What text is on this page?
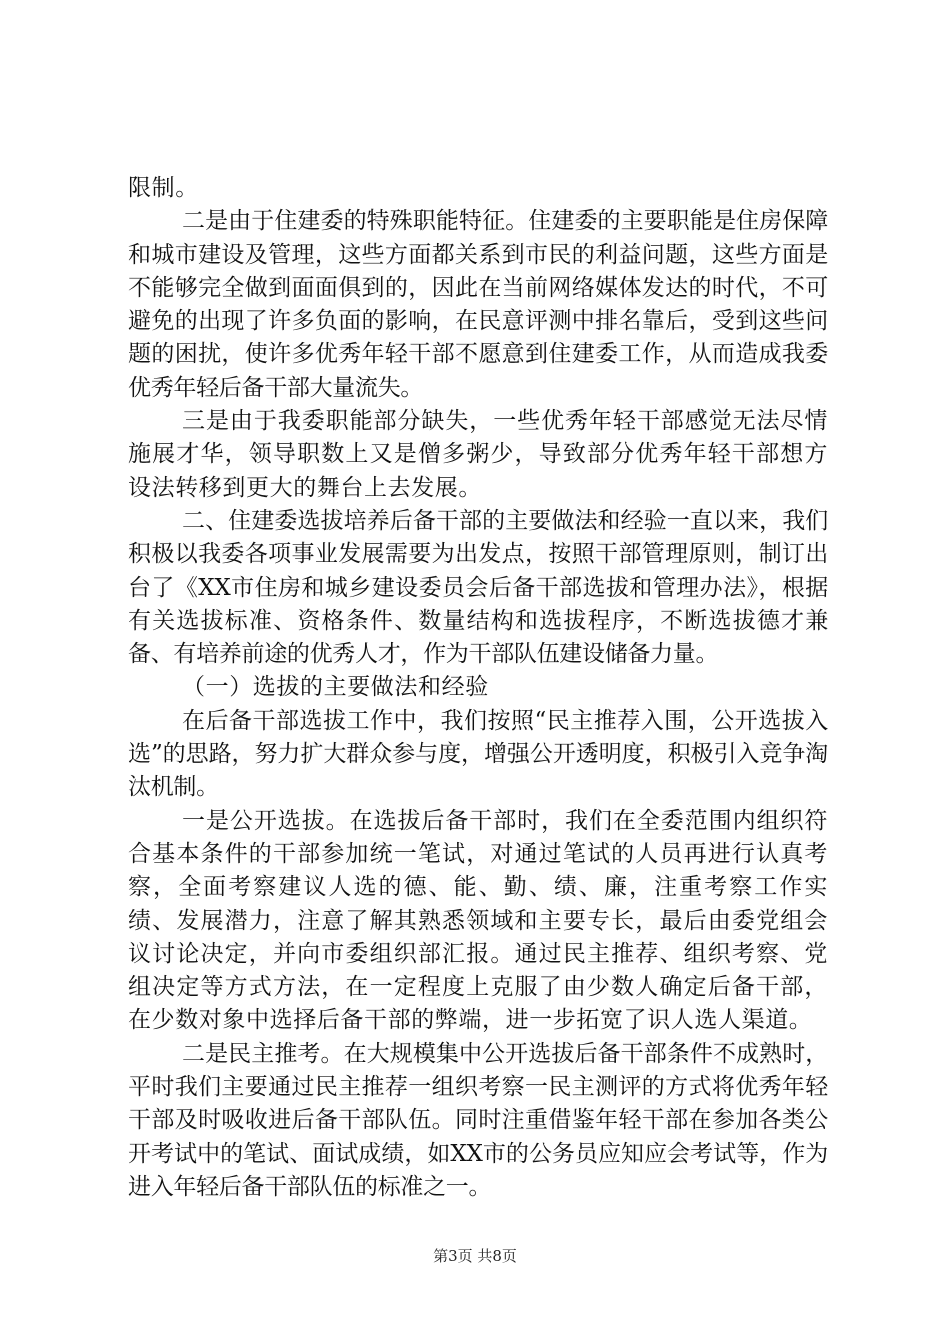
限制。

二是由于住建委的特殊职能特征。住建委的主要职能是住房保障和城市建设及管理，这些方面都关系到市民的利益问题，这些方面是不能够完全做到面面俱到的，因此在当前网络媒体发达的时代，不可避免的出现了许多负面的影响，在民意评测中排名靠后，受到这些问题的困扰，使许多优秀年轻干部不愿意到住建委工作，从而造成我委优秀年轻后备干部大量流失。

三是由于我委职能部分缺失，一些优秀年轻干部感觉无法尽情施展才华，领导职数上又是僧多粥少，导致部分优秀年轻干部想方设法转移到更大的舞台上去发展。

二、住建委选拔培养后备干部的主要做法和经验一直以来，我们积极以我委各项事业发展需要为出发点，按照干部管理原则，制订出台了《XX市住房和城乡建设委员会后备干部选拔和管理办法》，根据有关选拔标准、资格条件、数量结构和选拔程序，不断选拔德才兼备、有培养前途的优秀人才，作为干部队伍建设储备力量。

（一）选拔的主要做法和经验

在后备干部选拔工作中，我们按照“民主推荐入围，公开选拔入选”的思路，努力扩大群众参与度，增强公开透明度，积极引入竞争淘汰机制。

一是公开选拔。在选拔后备干部时，我们在全委范围内组织符合基本条件的干部参加统一笔试，对通过笔试的人员再进行认真考察，全面考察建议人选的德、能、勤、绩、廉，注重考察工作实绩、发展潜力，注意了解其熟悉领域和主要专长，最后由委党组会议讨论决定，并向市委组织部汇报。通过民主推荐、组织考察、党组决定等方式方法，在一定程度上克服了由少数人确定后备干部，在少数对象中选择后备干部的弊端，进一步拓宽了识人选人渠道。

二是民主推考。在大规模集中公开选拔后备干部条件不成熟时，平时我们主要通过民主推荐一组织考察一民主测评的方式将优秀年轻干部及时吸收进后备干部队伍。同时注重借鉴年轻干部在参加各类公开考试中的笔试、面试成绩，如XX市的公务员应知应会考试等，作为进入年轻后备干部队伍的标准之一。

第3页 共8页
